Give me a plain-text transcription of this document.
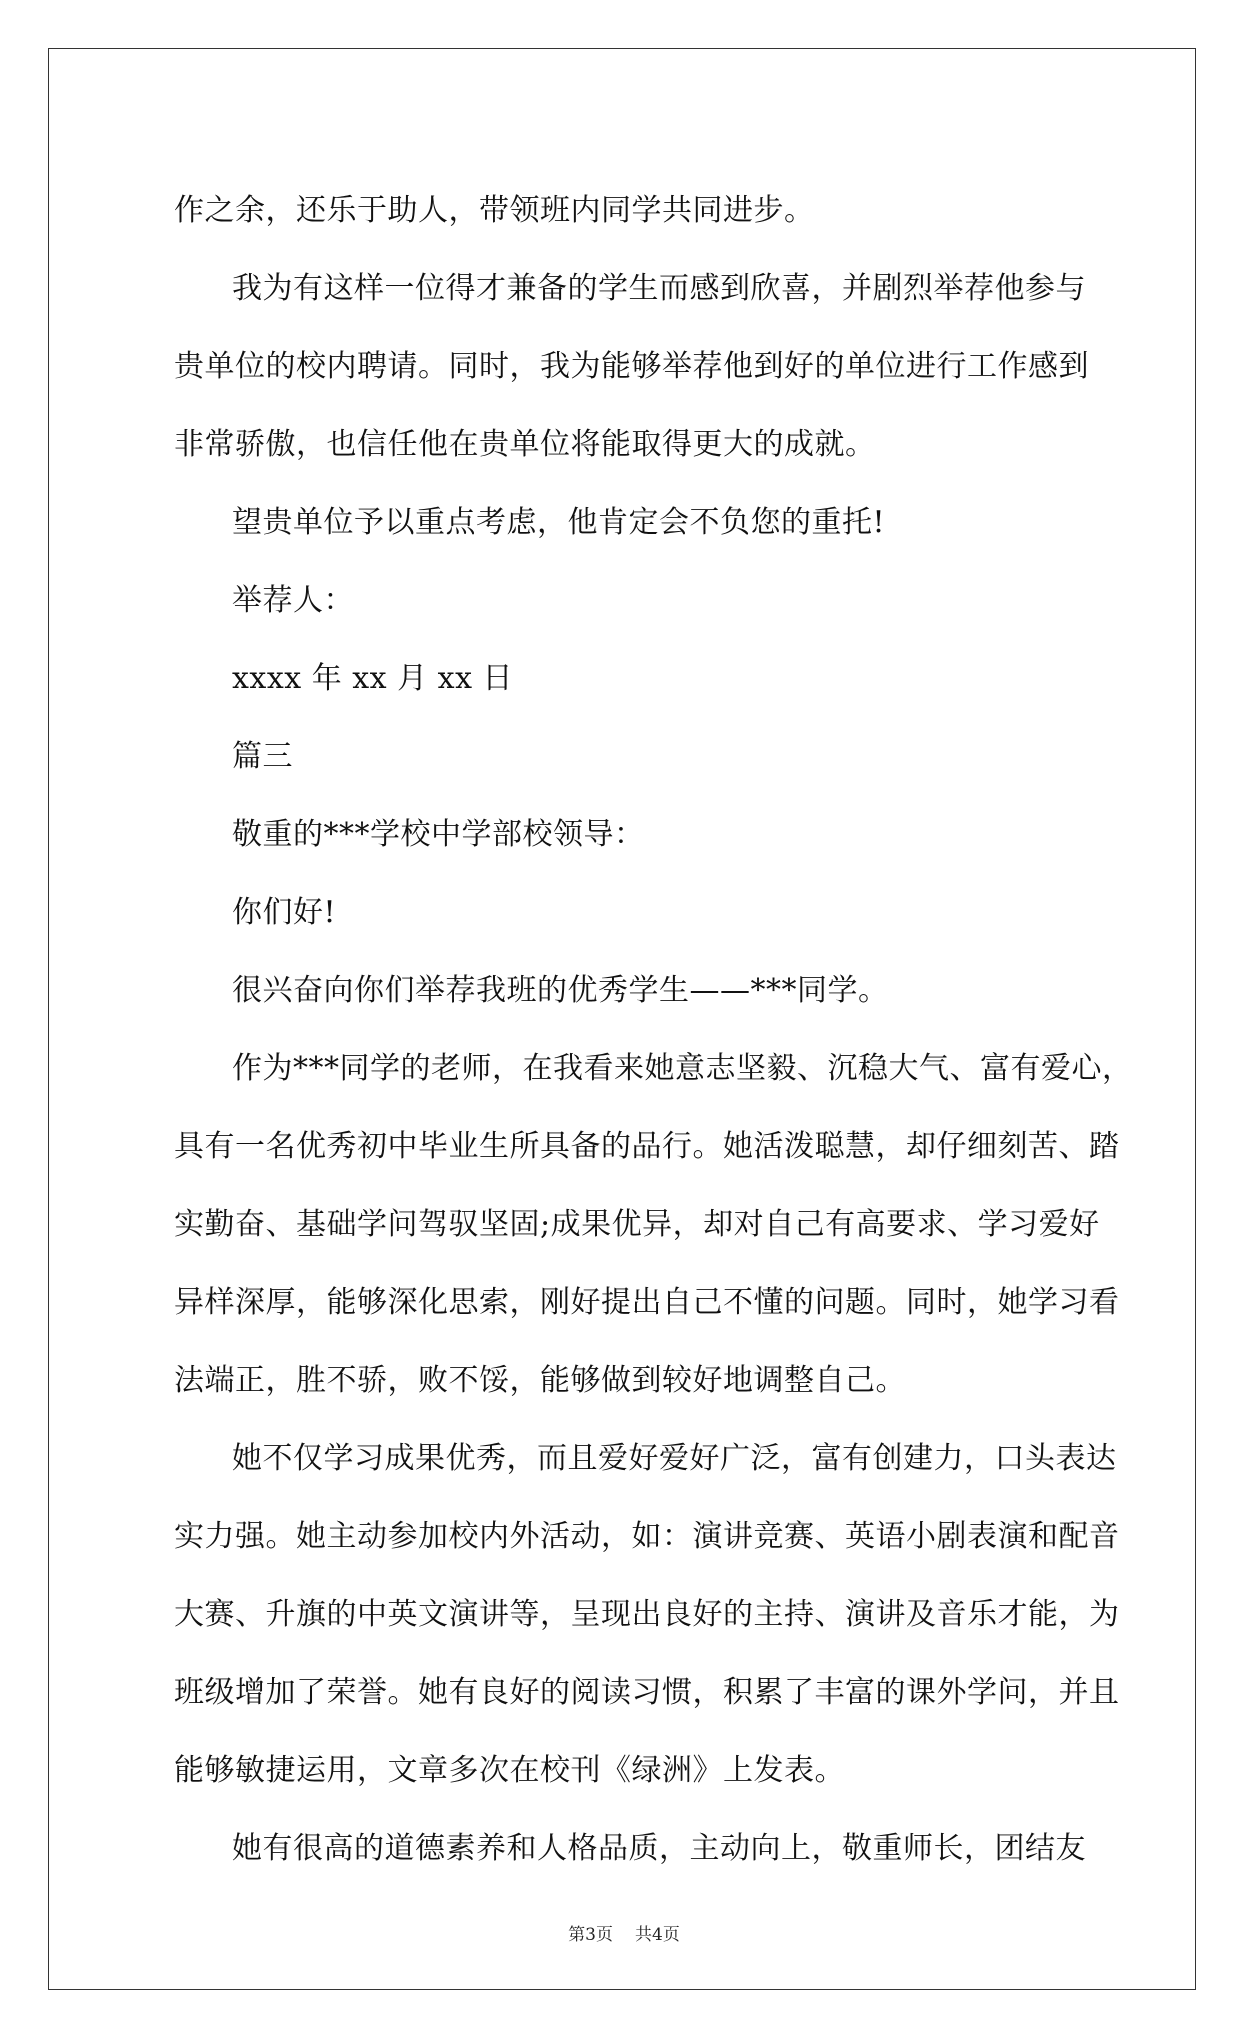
作之余，还乐于助人，带领班内同学共同进步。
我为有这样一位得才兼备的学生而感到欣喜，并剧烈举荐他参与
贵单位的校内聘请。同时，我为能够举荐他到好的单位进行工作感到
非常骄傲，也信任他在贵单位将能取得更大的成就。
望贵单位予以重点考虑，他肯定会不负您的重托!
举荐人：
xxxx 年 xx 月 xx 日
篇三
敬重的***学校中学部校领导：
你们好!
很兴奋向你们举荐我班的优秀学生——***同学。
作为***同学的老师，在我看来她意志坚毅、沉稳大气、富有爱心，
具有一名优秀初中毕业生所具备的品行。她活泼聪慧，却仔细刻苦、踏
实勤奋、基础学问驾驭坚固;成果优异，却对自己有高要求、学习爱好
异样深厚，能够深化思索，刚好提出自己不懂的问题。同时，她学习看
法端正，胜不骄，败不馁，能够做到较好地调整自己。
她不仅学习成果优秀，而且爱好爱好广泛，富有创建力，口头表达
实力强。她主动参加校内外活动，如：演讲竞赛、英语小剧表演和配音
大赛、升旗的中英文演讲等，呈现出良好的主持、演讲及音乐才能，为
班级增加了荣誉。她有良好的阅读习惯，积累了丰富的课外学问，并且
能够敏捷运用，文章多次在校刊《绿洲》上发表。
她有很高的道德素养和人格品质，主动向上，敬重师长，团结友
第3页 共4页
